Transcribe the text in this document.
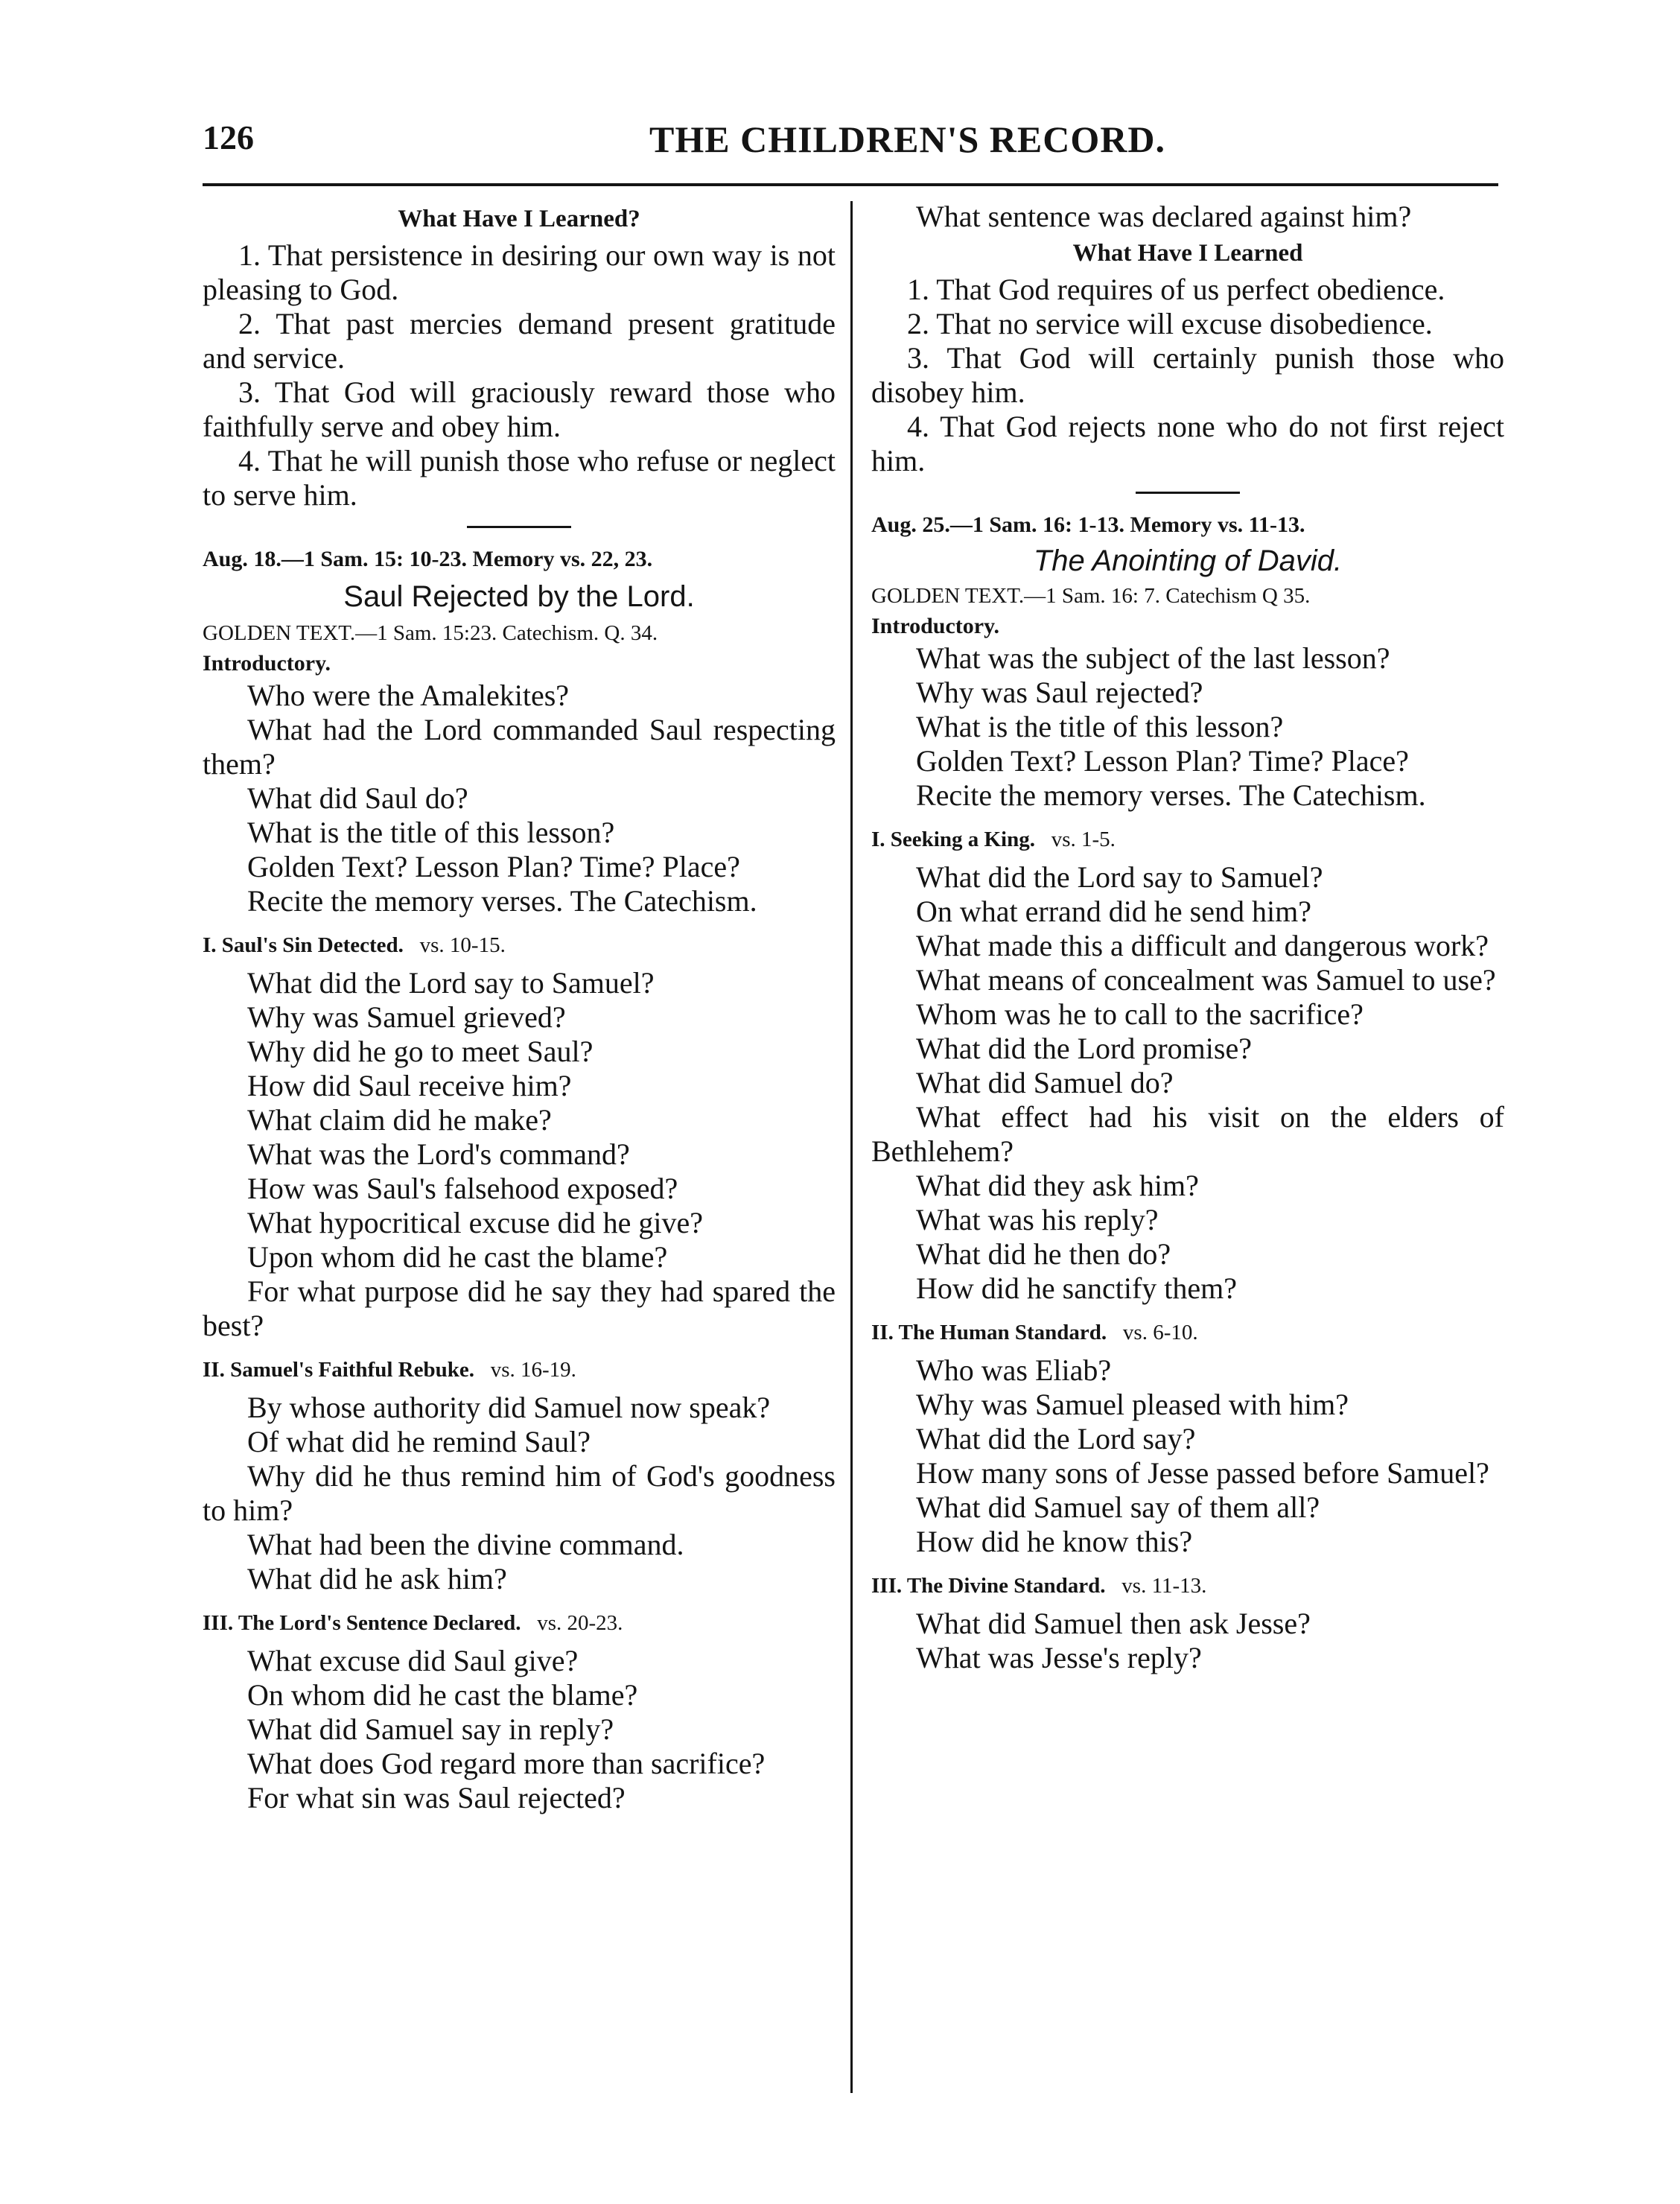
126	THE CHILDREN'S RECORD.
What Have I Learned?

1. That persistence in desiring our own way is not pleasing to God.

2. That past mercies demand present gratitude and service.

3. That God will graciously reward those who faithfully serve and obey him.

4. That he will punish those who refuse or neglect to serve him.

Aug. 18.—1 Sam. 15: 10-23. Memory vs. 22, 23.
Saul Rejected by the Lord.
GOLDEN TEXT.—1 Sam. 15:23. Catechism. Q. 34.
Introductory.

Who were the Amalekites?

What had the Lord commanded Saul respecting them?

What did Saul do?

What is the title of this lesson?

Golden Text? Lesson Plan? Time? Place?

Recite the memory verses. The Catechism.

I. Saul's Sin Detected. vs. 10-15.

What did the Lord say to Samuel?

Why was Samuel grieved?

Why did he go to meet Saul?

How did Saul receive him?

What claim did he make?

What was the Lord's command?

How was Saul's falsehood exposed?

What hypocritical excuse did he give?

Upon whom did he cast the blame?

For what purpose did he say they had spared the best?

II. Samuel's Faithful Rebuke. vs. 16-19.

By whose authority did Samuel now speak?

Of what did he remind Saul?

Why did he thus remind him of God's goodness to him?

What had been the divine command.

What did he ask him?

III. The Lord's Sentence Declared. vs. 20-23.

What excuse did Saul give?

On whom did he cast the blame?

What did Samuel say in reply?

What does God regard more than sacrifice?

For what sin was Saul rejected?

What sentence was declared against him?

What Have I Learned

1. That God requires of us perfect obedience.

2. That no service will excuse disobedience.

3. That God will certainly punish those who disobey him.

4. That God rejects none who do not first reject him.

Aug. 25.—1 Sam. 16: 1-13. Memory vs. 11-13.
The Anointing of David.
GOLDEN TEXT.—1 Sam. 16: 7. Catechism Q 35.
Introductory.

What was the subject of the last lesson?

Why was Saul rejected?

What is the title of this lesson?

Golden Text? Lesson Plan? Time? Place?

Recite the memory verses. The Catechism.

I. Seeking a King. vs. 1-5.

What did the Lord say to Samuel?

On what errand did he send him?

What made this a difficult and dangerous work?

What means of concealment was Samuel to use?

Whom was he to call to the sacrifice?

What did the Lord promise?

What did Samuel do?

What effect had his visit on the elders of Bethlehem?

What did they ask him?

What was his reply?

What did he then do?

How did he sanctify them?

II. The Human Standard. vs. 6-10.

Who was Eliab?

Why was Samuel pleased with him?

What did the Lord say?

How many sons of Jesse passed before Samuel?

What did Samuel say of them all?

How did he know this?

III. The Divine Standard. vs. 11-13.

What did Samuel then ask Jesse?

What was Jesse's reply?
